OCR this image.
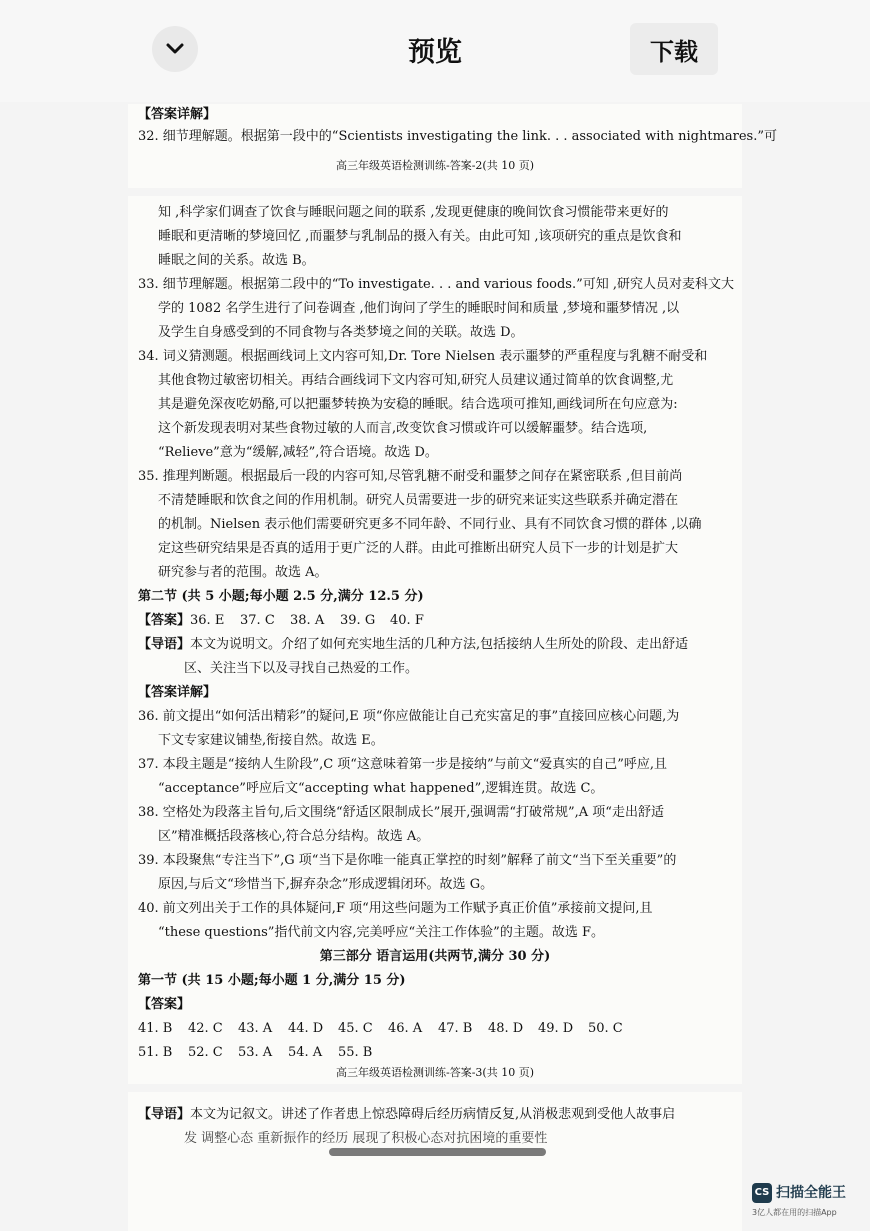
预览	下载
【答案详解】
32. 细节理解题。根据第一段中的“Scientists investigating the link. . . associated with nightmares.”可
高三年级英语检测训练-答案-2(共 10 页)
知 ,科学家们调查了饮食与睡眠问题之间的联系 ,发现更健康的晚间饮食习惯能带来更好的
睡眠和更清晰的梦境回忆 ,而噩梦与乳制品的摄入有关。由此可知 ,该项研究的重点是饮食和
睡眠之间的关系。故选 B。
33. 细节理解题。根据第二段中的“To investigate. . . and various foods.”可知 ,研究人员对麦科文大
学的 1082 名学生进行了问卷调查 ,他们询问了学生的睡眠时间和质量 ,梦境和噩梦情况 ,以
及学生自身感受到的不同食物与各类梦境之间的关联。故选 D。
34. 词义猜测题。根据画线词上文内容可知,Dr. Tore Nielsen 表示噩梦的严重程度与乳糖不耐受和
其他食物过敏密切相关。再结合画线词下文内容可知,研究人员建议通过简单的饮食调整,尤
其是避免深夜吃奶酪,可以把噩梦转换为安稳的睡眠。结合选项可推知,画线词所在句应意为:
这个新发现表明对某些食物过敏的人而言,改变饮食习惯或许可以缓解噩梦。结合选项,
“Relieve”意为“缓解,减轻”,符合语境。故选 D。
35. 推理判断题。根据最后一段的内容可知,尽管乳糖不耐受和噩梦之间存在紧密联系 ,但目前尚
不清楚睡眠和饮食之间的作用机制。研究人员需要进一步的研究来证实这些联系并确定潜在
的机制。Nielsen 表示他们需要研究更多不同年龄、不同行业、具有不同饮食习惯的群体 ,以确
定这些研究结果是否真的适用于更广泛的人群。由此可推断出研究人员下一步的计划是扩大
研究参与者的范围。故选 A。
第二节 (共 5 小题;每小题 2.5 分,满分 12.5 分)
【答案】36. E 37. C 38. A 39. G 40. F
【导语】本文为说明文。介绍了如何充实地生活的几种方法,包括接纳人生所处的阶段、走出舒适
区、关注当下以及寻找自己热爱的工作。
【答案详解】
36. 前文提出“如何活出精彩”的疑问,E 项“你应做能让自己充实富足的事”直接回应核心问题,为
下文专家建议铺垫,衔接自然。故选 E。
37. 本段主题是“接纳人生阶段”,C 项“这意味着第一步是接纳”与前文“爱真实的自己”呼应,且
“acceptance”呼应后文“accepting what happened”,逻辑连贯。故选 C。
38. 空格处为段落主旨句,后文围绕“舒适区限制成长”展开,强调需“打破常规”,A 项“走出舒适
区”精准概括段落核心,符合总分结构。故选 A。
39. 本段聚焦“专注当下”,G 项“当下是你唯一能真正掌控的时刻”解释了前文“当下至关重要”的
原因,与后文“珍惜当下,摒弃杂念”形成逻辑闭环。故选 G。
40. 前文列出关于工作的具体疑问,F 项“用这些问题为工作赋予真正价值”承接前文提问,且
“these questions”指代前文内容,完美呼应“关注工作体验”的主题。故选 F。
第三部分 语言运用(共两节,满分 30 分)
第一节 (共 15 小题;每小题 1 分,满分 15 分)
【答案】
41. B 42. C 43. A 44. D 45. C 46. A 47. B 48. D 49. D 50. C
51. B 52. C 53. A 54. A 55. B
高三年级英语检测训练-答案-3(共 10 页)
【导语】本文为记叙文。讲述了作者患上惊恐障碍后经历病情反复,从消极悲观到受他人故事启
发 调整心态 重新振作的经历 展现了积极心态对抗困境的重要性
CS 扫描全能王
3亿人都在用的扫描App
